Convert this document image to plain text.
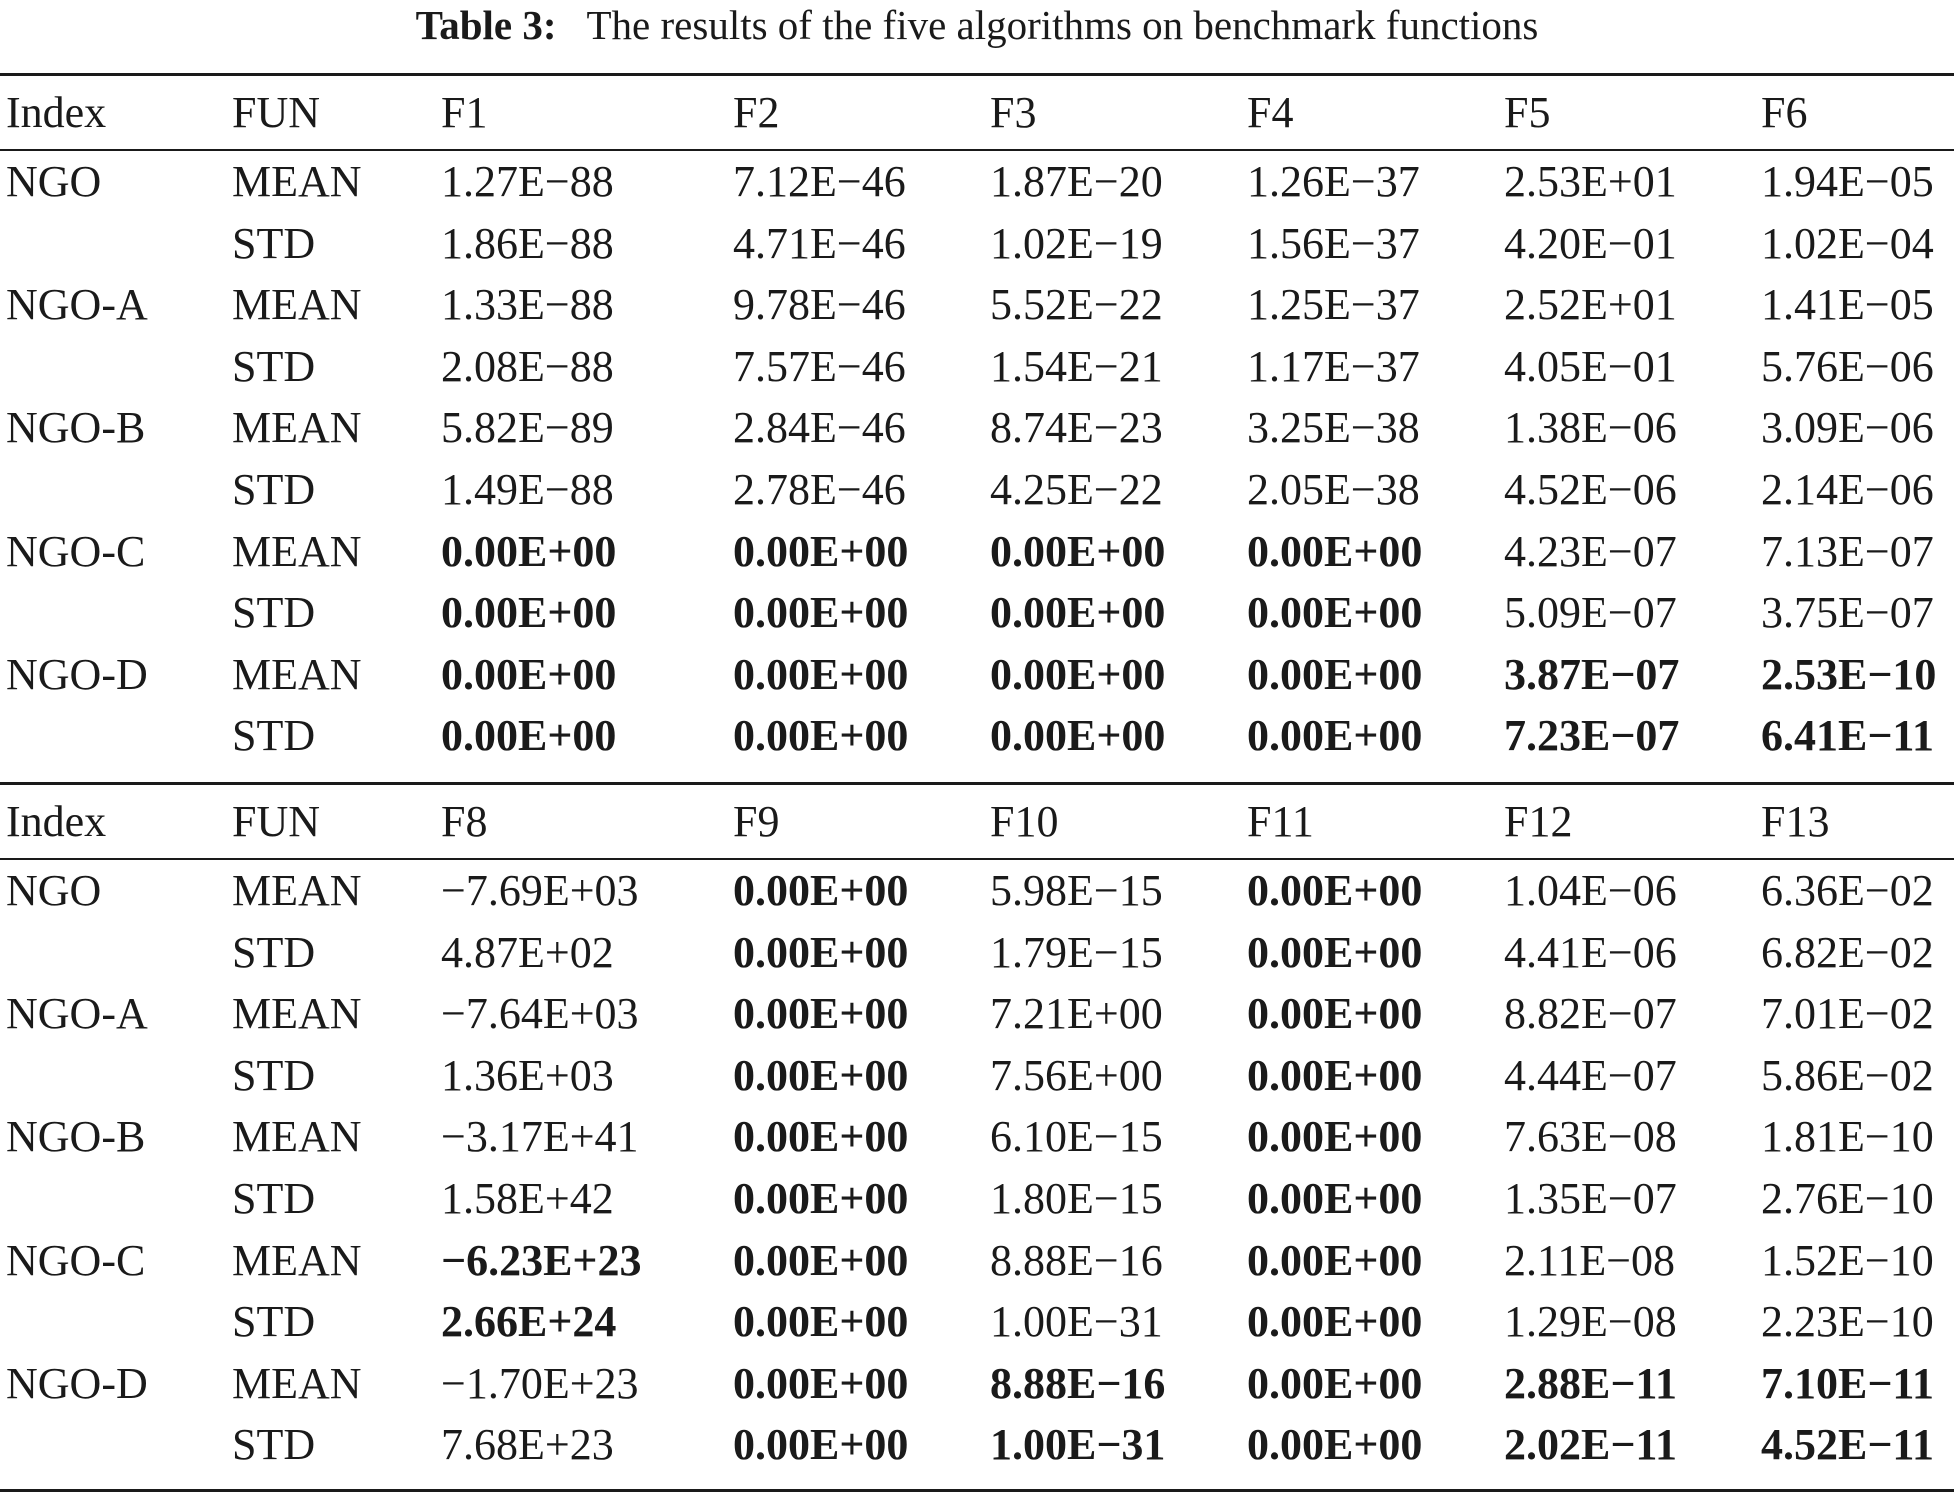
Table 3: The results of the five algorithms on benchmark functions
Index	FUN	F1	F2	F3	F4	F5	F6
NGO	MEAN	1.27E−88	7.12E−46	1.87E−20	1.26E−37	2.53E+01	1.94E−05
	STD	1.86E−88	4.71E−46	1.02E−19	1.56E−37	4.20E−01	1.02E−04
NGO-A	MEAN	1.33E−88	9.78E−46	5.52E−22	1.25E−37	2.52E+01	1.41E−05
	STD	2.08E−88	7.57E−46	1.54E−21	1.17E−37	4.05E−01	5.76E−06
NGO-B	MEAN	5.82E−89	2.84E−46	8.74E−23	3.25E−38	1.38E−06	3.09E−06
	STD	1.49E−88	2.78E−46	4.25E−22	2.05E−38	4.52E−06	2.14E−06
NGO-C	MEAN	0.00E+00	0.00E+00	0.00E+00	0.00E+00	4.23E−07	7.13E−07
	STD	0.00E+00	0.00E+00	0.00E+00	0.00E+00	5.09E−07	3.75E−07
NGO-D	MEAN	0.00E+00	0.00E+00	0.00E+00	0.00E+00	3.87E−07	2.53E−10
	STD	0.00E+00	0.00E+00	0.00E+00	0.00E+00	7.23E−07	6.41E−11
Index	FUN	F8	F9	F10	F11	F12	F13
NGO	MEAN	−7.69E+03	0.00E+00	5.98E−15	0.00E+00	1.04E−06	6.36E−02
	STD	4.87E+02	0.00E+00	1.79E−15	0.00E+00	4.41E−06	6.82E−02
NGO-A	MEAN	−7.64E+03	0.00E+00	7.21E+00	0.00E+00	8.82E−07	7.01E−02
	STD	1.36E+03	0.00E+00	7.56E+00	0.00E+00	4.44E−07	5.86E−02
NGO-B	MEAN	−3.17E+41	0.00E+00	6.10E−15	0.00E+00	7.63E−08	1.81E−10
	STD	1.58E+42	0.00E+00	1.80E−15	0.00E+00	1.35E−07	2.76E−10
NGO-C	MEAN	−6.23E+23	0.00E+00	8.88E−16	0.00E+00	2.11E−08	1.52E−10
	STD	2.66E+24	0.00E+00	1.00E−31	0.00E+00	1.29E−08	2.23E−10
NGO-D	MEAN	−1.70E+23	0.00E+00	8.88E−16	0.00E+00	2.88E−11	7.10E−11
	STD	7.68E+23	0.00E+00	1.00E−31	0.00E+00	2.02E−11	4.52E−11
